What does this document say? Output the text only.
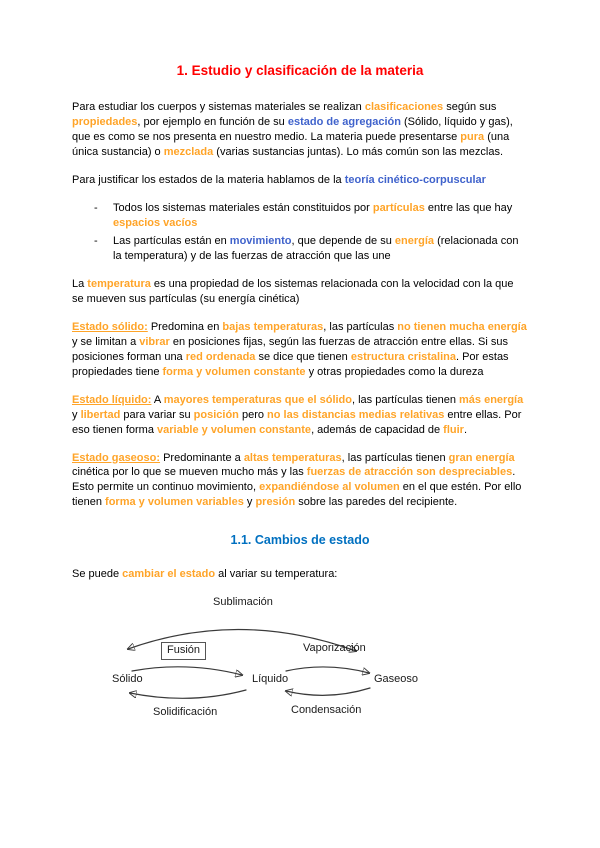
1. Estudio y clasificación de la materia

Para estudiar los cuerpos y sistemas materiales se realizan clasificaciones según sus propiedades, por ejemplo en función de su estado de agregación (Sólido, líquido y gas), que es como se nos presenta en nuestro medio. La materia puede presentarse pura (una única sustancia) o mezclada (varias sustancias juntas). Lo más común son las mezclas.

Para justificar los estados de la materia hablamos de la teoría cinético-corpuscular

- Todos los sistemas materiales están constituidos por partículas entre las que hay espacios vacíos
- Las partículas están en movimiento, que depende de su energía (relacionada con la temperatura) y de las fuerzas de atracción que las une

La temperatura es una propiedad de los sistemas relacionada con la velocidad con la que se mueven sus partículas (su energía cinética)

Estado sólido: Predomina en bajas temperaturas, las partículas no tienen mucha energía y se limitan a vibrar en posiciones fijas, según las fuerzas de atracción entre ellas. Si sus posiciones forman una red ordenada se dice que tienen estructura cristalina. Por estas propiedades tiene forma y volumen constante y otras propiedades como la dureza

Estado líquido: A mayores temperaturas que el sólido, las partículas tienen más energía y libertad para variar su posición pero no las distancias medias relativas entre ellas. Por eso tienen forma variable y volumen constante, además de capacidad de fluir.

Estado gaseoso: Predominante a altas temperaturas, las partículas tienen gran energía cinética por lo que se mueven mucho más y las fuerzas de atracción son despreciables. Esto permite un continuo movimiento, expandiéndose al volumen en el que estén. Por ello tienen forma y volumen variables y presión sobre las paredes del recipiente.

1.1. Cambios de estado

Se puede cambiar el estado al variar su temperatura:

Sublimación
Fusión	Vaporización
Sólido	Líquido	Gaseoso
Solidificación	Condensación
